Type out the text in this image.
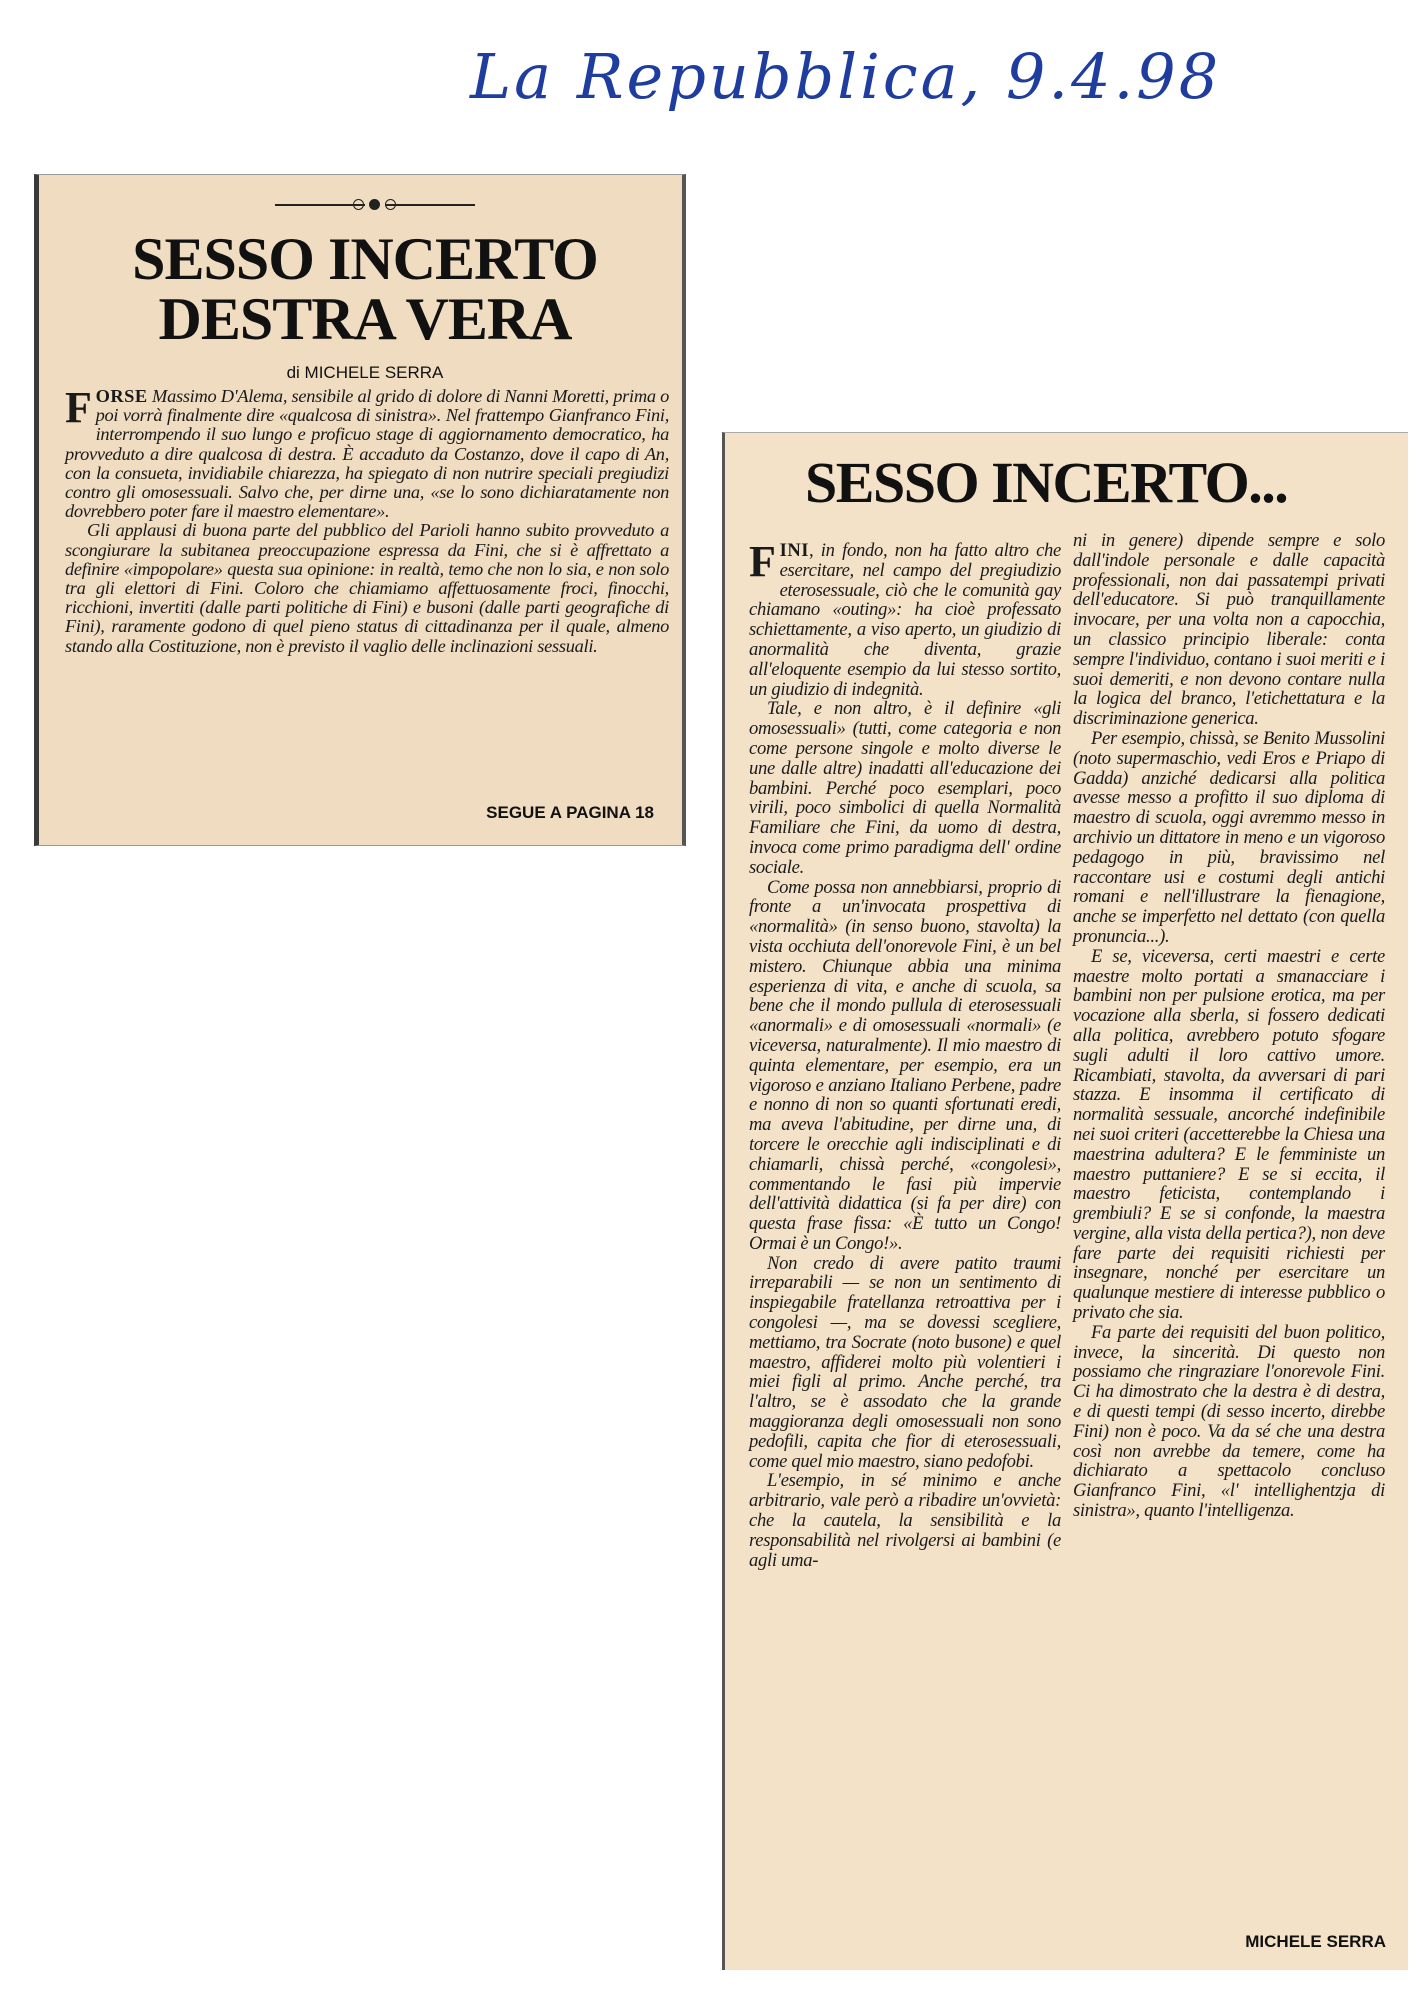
La Repubblica, 9.4.98
SESSO INCERTO
DESTRA VERA
di MICHELE SERRA

FORSE Massimo D'Alema, sensibile al grido di dolore di Nanni Moretti, prima o poi vorrà finalmente dire «qualcosa di sinistra». Nel frattempo Gianfranco Fini, interrompendo il suo lungo e proficuo stage di aggiornamento democratico, ha provveduto a dire qualcosa di destra. È accaduto da Costanzo, dove il capo di An, con la consueta, invidiabile chiarezza, ha spiegato di non nutrire speciali pregiudizi contro gli omosessuali. Salvo che, per dirne una, «se lo sono dichiaratamente non dovrebbero poter fare il maestro elementare».

Gli applausi di buona parte del pubblico del Parioli hanno subito provveduto a scongiurare la subitanea preoccupazione espressa da Fini, che si è affrettato a definire «impopolare» questa sua opinione: in realtà, temo che non lo sia, e non solo tra gli elettori di Fini. Coloro che chiamiamo affettuosamente froci, finocchi, ricchioni, invertiti (dalle parti politiche di Fini) e busoni (dalle parti geografiche di Fini), raramente godono di quel pieno status di cittadinanza per il quale, almeno stando alla Costituzione, non è previsto il vaglio delle inclinazioni sessuali.

SEGUE A PAGINA 18
SESSO INCERTO...

FINI, in fondo, non ha fatto altro che esercitare, nel campo del pregiudizio eterosessuale, ciò che le comunità gay chiamano «outing»: ha cioè professato schiettamente, a viso aperto, un giudizio di anormalità che diventa, grazie all'eloquente esempio da lui stesso sortito, un giudizio di indegnità.

Tale, e non altro, è il definire «gli omosessuali» (tutti, come categoria e non come persone singole e molto diverse le une dalle altre) inadatti all'educazione dei bambini. Perché poco esemplari, poco virili, poco simbolici di quella Normalità Familiare che Fini, da uomo di destra, invoca come primo paradigma dell' ordine sociale.

Come possa non annebbiarsi, proprio di fronte a un'invocata prospettiva di «normalità» (in senso buono, stavolta) la vista occhiuta dell'onorevole Fini, è un bel mistero. Chiunque abbia una minima esperienza di vita, e anche di scuola, sa bene che il mondo pullula di eterosessuali «anormali» e di omosessuali «normali» (e viceversa, naturalmente). Il mio maestro di quinta elementare, per esempio, era un vigoroso e anziano Italiano Perbene, padre e nonno di non so quanti sfortunati eredi, ma aveva l'abitudine, per dirne una, di torcere le orecchie agli indisciplinati e di chiamarli, chissà perché, «congolesi», commentando le fasi più impervie dell'attività didattica (si fa per dire) con questa frase fissa: «È tutto un Congo! Ormai è un Congo!».

Non credo di avere patito traumi irreparabili — se non un sentimento di inspiegabile fratellanza retroattiva per i congolesi —, ma se dovessi scegliere, mettiamo, tra Socrate (noto busone) e quel maestro, affiderei molto più volentieri i miei figli al primo. Anche perché, tra l'altro, se è assodato che la grande maggioranza degli omosessuali non sono pedofili, capita che fior di eterosessuali, come quel mio maestro, siano pedofobi.

L'esempio, in sé minimo e anche arbitrario, vale però a ribadire un'ovvietà: che la cautela, la sensibilità e la responsabilità nel rivolgersi ai bambini (e agli uma-

ni in genere) dipende sempre e solo dall'indole personale e dalle capacità professionali, non dai passatempi privati dell'educatore. Si può tranquillamente invocare, per una volta non a capocchia, un classico principio liberale: conta sempre l'individuo, contano i suoi meriti e i suoi demeriti, e non devono contare nulla la logica del branco, l'etichettatura e la discriminazione generica.

Per esempio, chissà, se Benito Mussolini (noto supermaschio, vedi Eros e Priapo di Gadda) anziché dedicarsi alla politica avesse messo a profitto il suo diploma di maestro di scuola, oggi avremmo messo in archivio un dittatore in meno e un vigoroso pedagogo in più, bravissimo nel raccontare usi e costumi degli antichi romani e nell'illustrare la fienagione, anche se imperfetto nel dettato (con quella pronuncia...).

E se, viceversa, certi maestri e certe maestre molto portati a smanacciare i bambini non per pulsione erotica, ma per vocazione alla sberla, si fossero dedicati alla politica, avrebbero potuto sfogare sugli adulti il loro cattivo umore. Ricambiati, stavolta, da avversari di pari stazza. E insomma il certificato di normalità sessuale, ancorché indefinibile nei suoi criteri (accetterebbe la Chiesa una maestrina adultera? E le femministe un maestro puttaniere? E se si eccita, il maestro feticista, contemplando i grembiuli? E se si confonde, la maestra vergine, alla vista della pertica?), non deve fare parte dei requisiti richiesti per insegnare, nonché per esercitare un qualunque mestiere di interesse pubblico o privato che sia.

Fa parte dei requisiti del buon politico, invece, la sincerità. Di questo non possiamo che ringraziare l'onorevole Fini. Ci ha dimostrato che la destra è di destra, e di questi tempi (di sesso incerto, direbbe Fini) non è poco. Va da sé che una destra così non avrebbe da temere, come ha dichiarato a spettacolo concluso Gianfranco Fini, «l' intellighentzja di sinistra», quanto l'intelligenza.

MICHELE SERRA
